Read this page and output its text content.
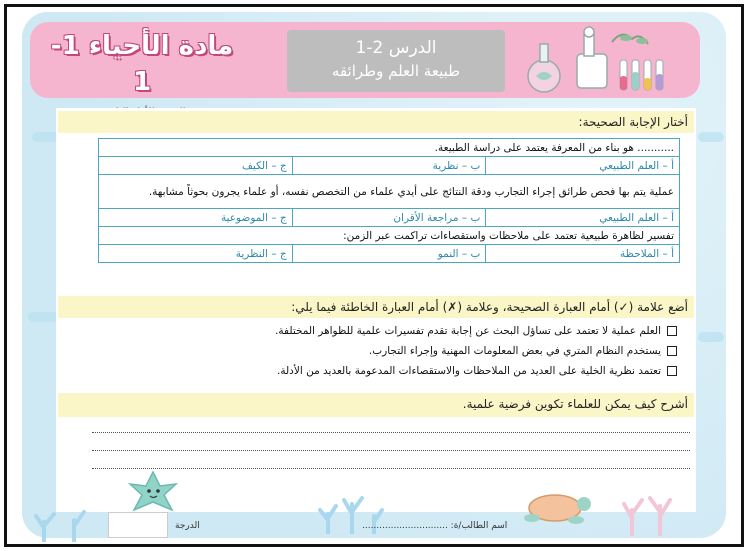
مادة الأحياء 1-1
الدرس 2-1
طبيعة العلم وطرائقه
أختار الإجابة الصحيحة:
........... هو بناء من المعرفة يعتمد على دراسة الطبيعة.		
أ – العلم الطبيعي	ب – نظرية	ج – الكيف
عملية يتم بها فحص طرائق إجراء التجارب ودقة النتائج على أيدي علماء من التخصص نفسه، أو علماء يجرون بحوثاً مشابهة.		
أ – العلم الطبيعي	ب – مراجعة الأقران	ج – الموضوعية
تفسير لظاهرة طبيعية تعتمد على ملاحظات واستقصاءات تراكمت عبر الزمن:		
أ – الملاحظة	ب – النمو	ج – النظرية
أضع علامة (✓) أمام العبارة الصحيحة، وعلامة (✗) أمام العبارة الخاطئة فيما يلي:
العلم عملية لا تعتمد على تساؤل البحث عن إجابة تقدم تفسيرات علمية للظواهر المختلفة.
يستخدم النظام المتري في بعض المعلومات المهنية وإجراء التجارب.
تعتمد نظرية الخلية على العديد من الملاحظات والاستقصاءات المدعومة بالعديد من الأدلة.
أشرح كيف يمكن للعلماء تكوين فرضية علمية.
الدرجة	اسم الطالب/ة: ..............................
